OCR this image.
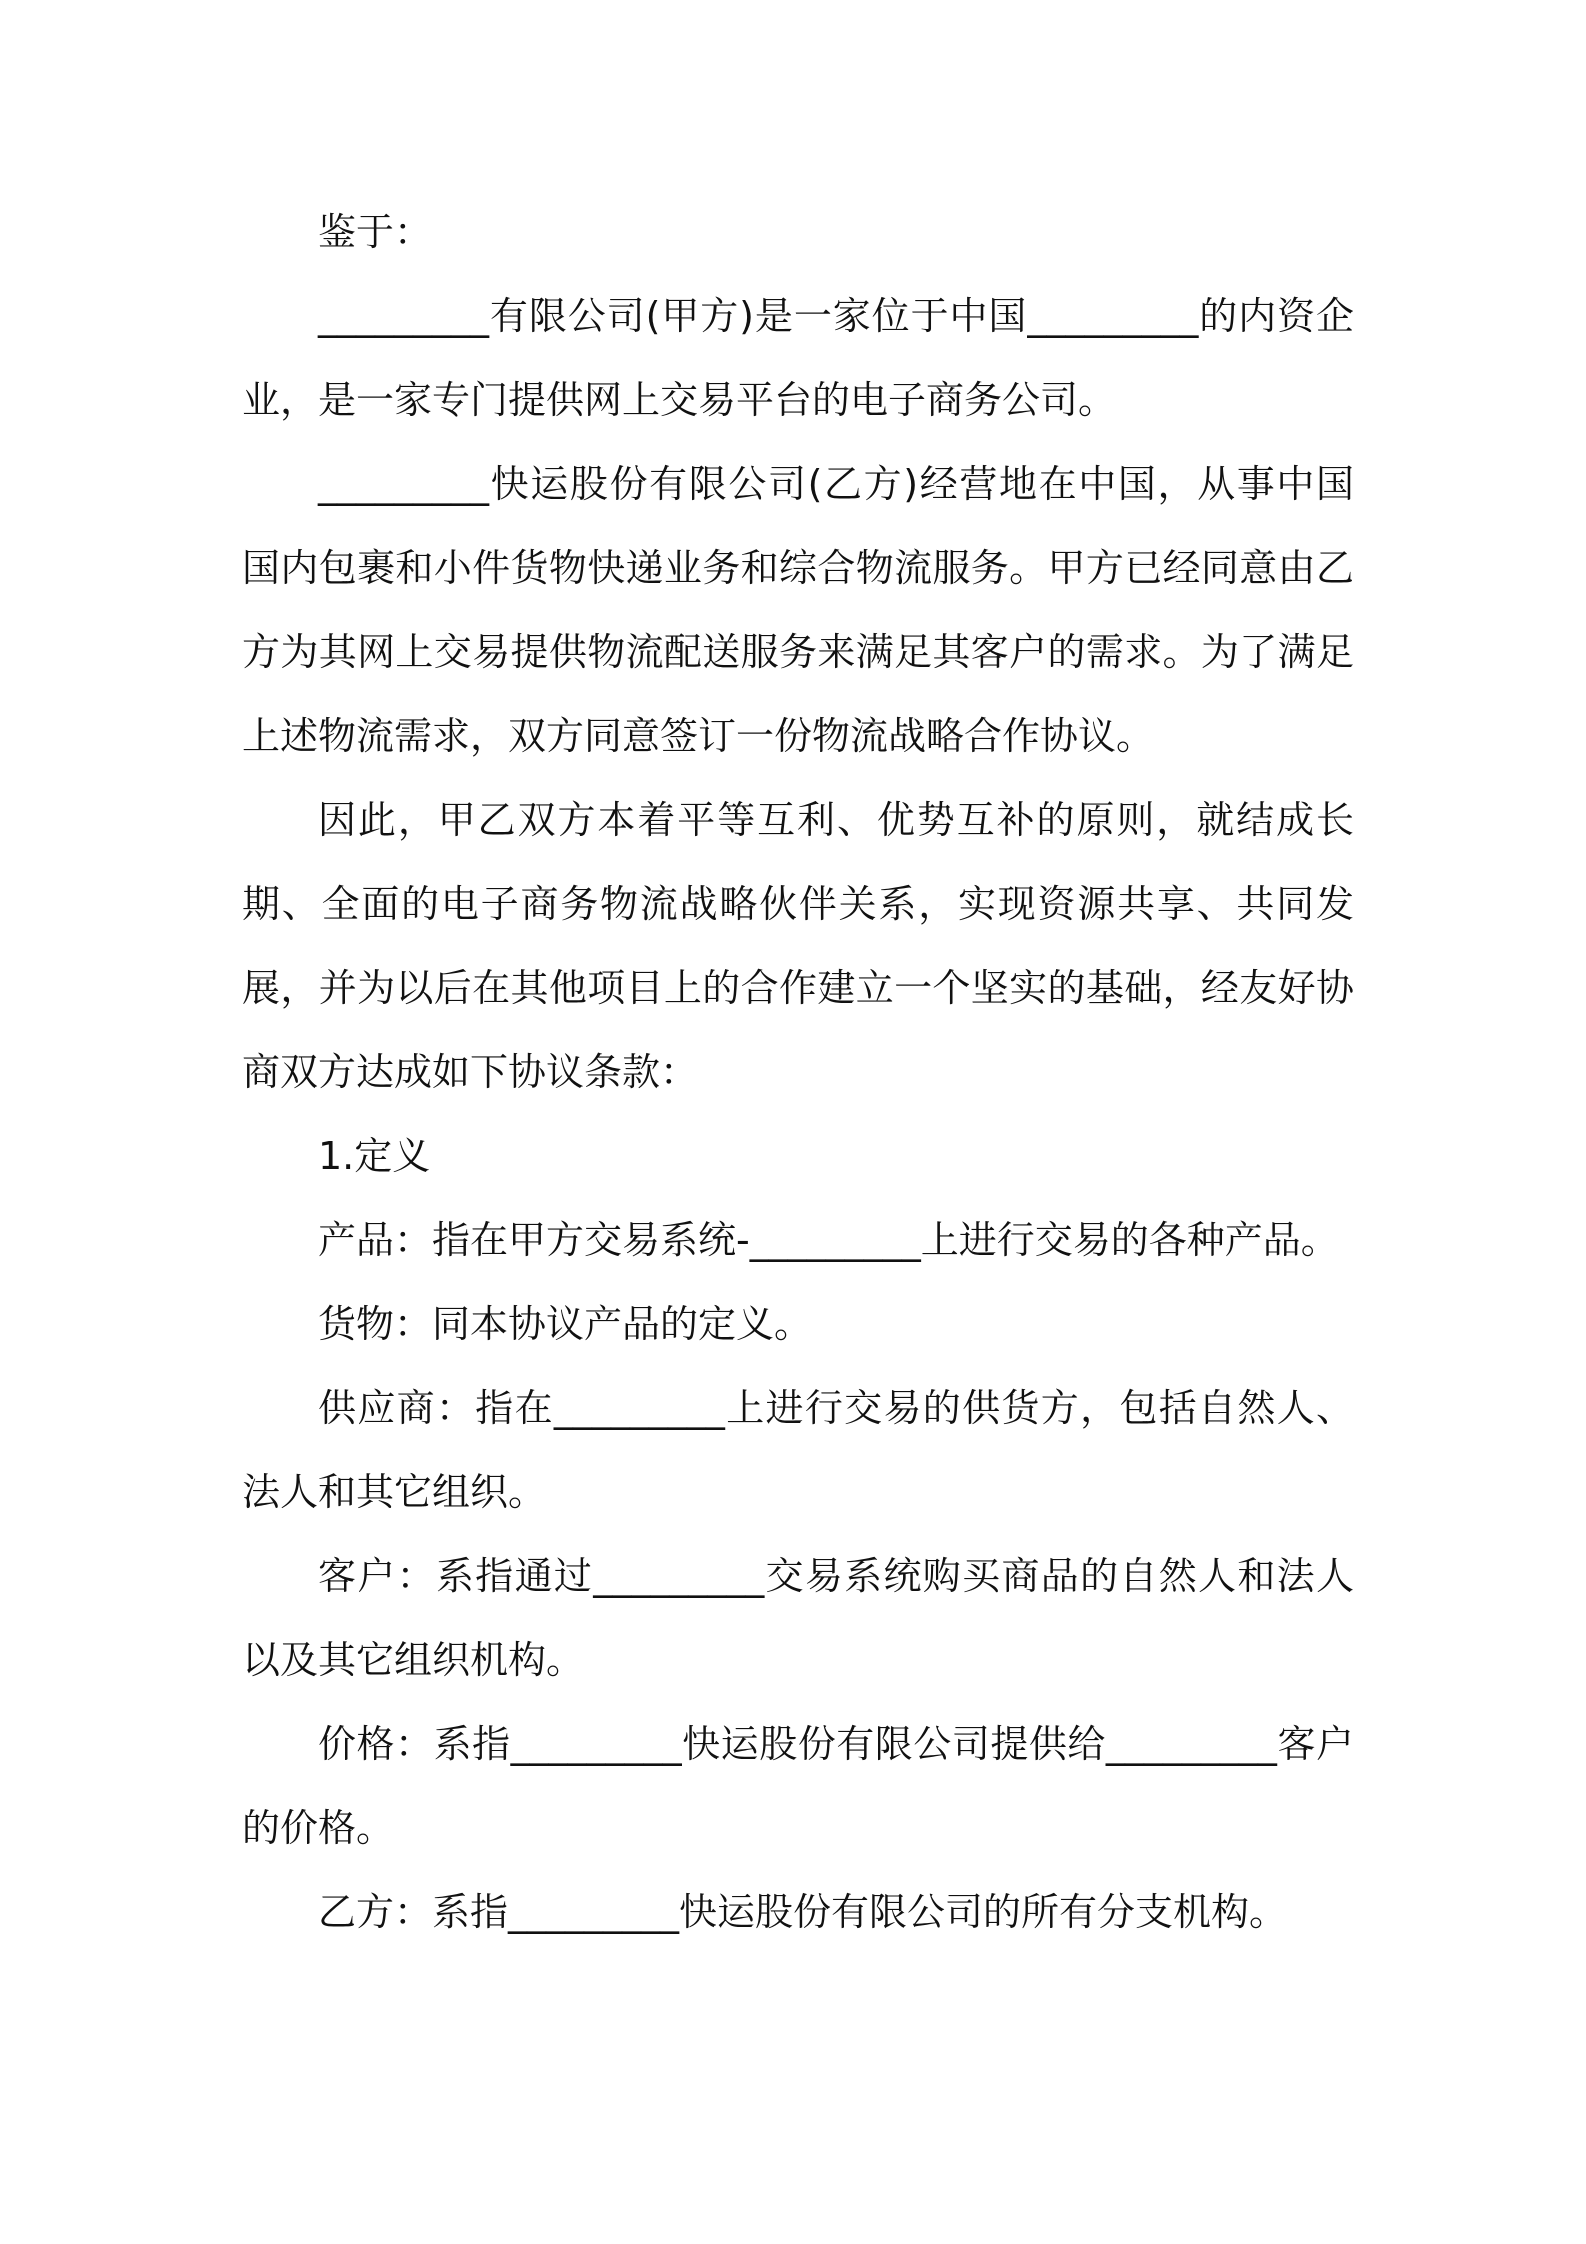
鉴于：

_________有限公司(甲方)是一家位于中国_________的内资企业，是一家专门提供网上交易平台的电子商务公司。

_________快运股份有限公司(乙方)经营地在中国，从事中国国内包裹和小件货物快递业务和综合物流服务。甲方已经同意由乙方为其网上交易提供物流配送服务来满足其客户的需求。为了满足上述物流需求，双方同意签订一份物流战略合作协议。

因此，甲乙双方本着平等互利、优势互补的原则，就结成长期、全面的电子商务物流战略伙伴关系，实现资源共享、共同发展，并为以后在其他项目上的合作建立一个坚实的基础，经友好协商双方达成如下协议条款：

1.定义

产品：指在甲方交易系统-_________上进行交易的各种产品。

货物：同本协议产品的定义。

供应商：指在_________上进行交易的供货方，包括自然人、法人和其它组织。

客户：系指通过_________交易系统购买商品的自然人和法人以及其它组织机构。

价格：系指_________快运股份有限公司提供给_________客户的价格。

乙方：系指_________快运股份有限公司的所有分支机构。
